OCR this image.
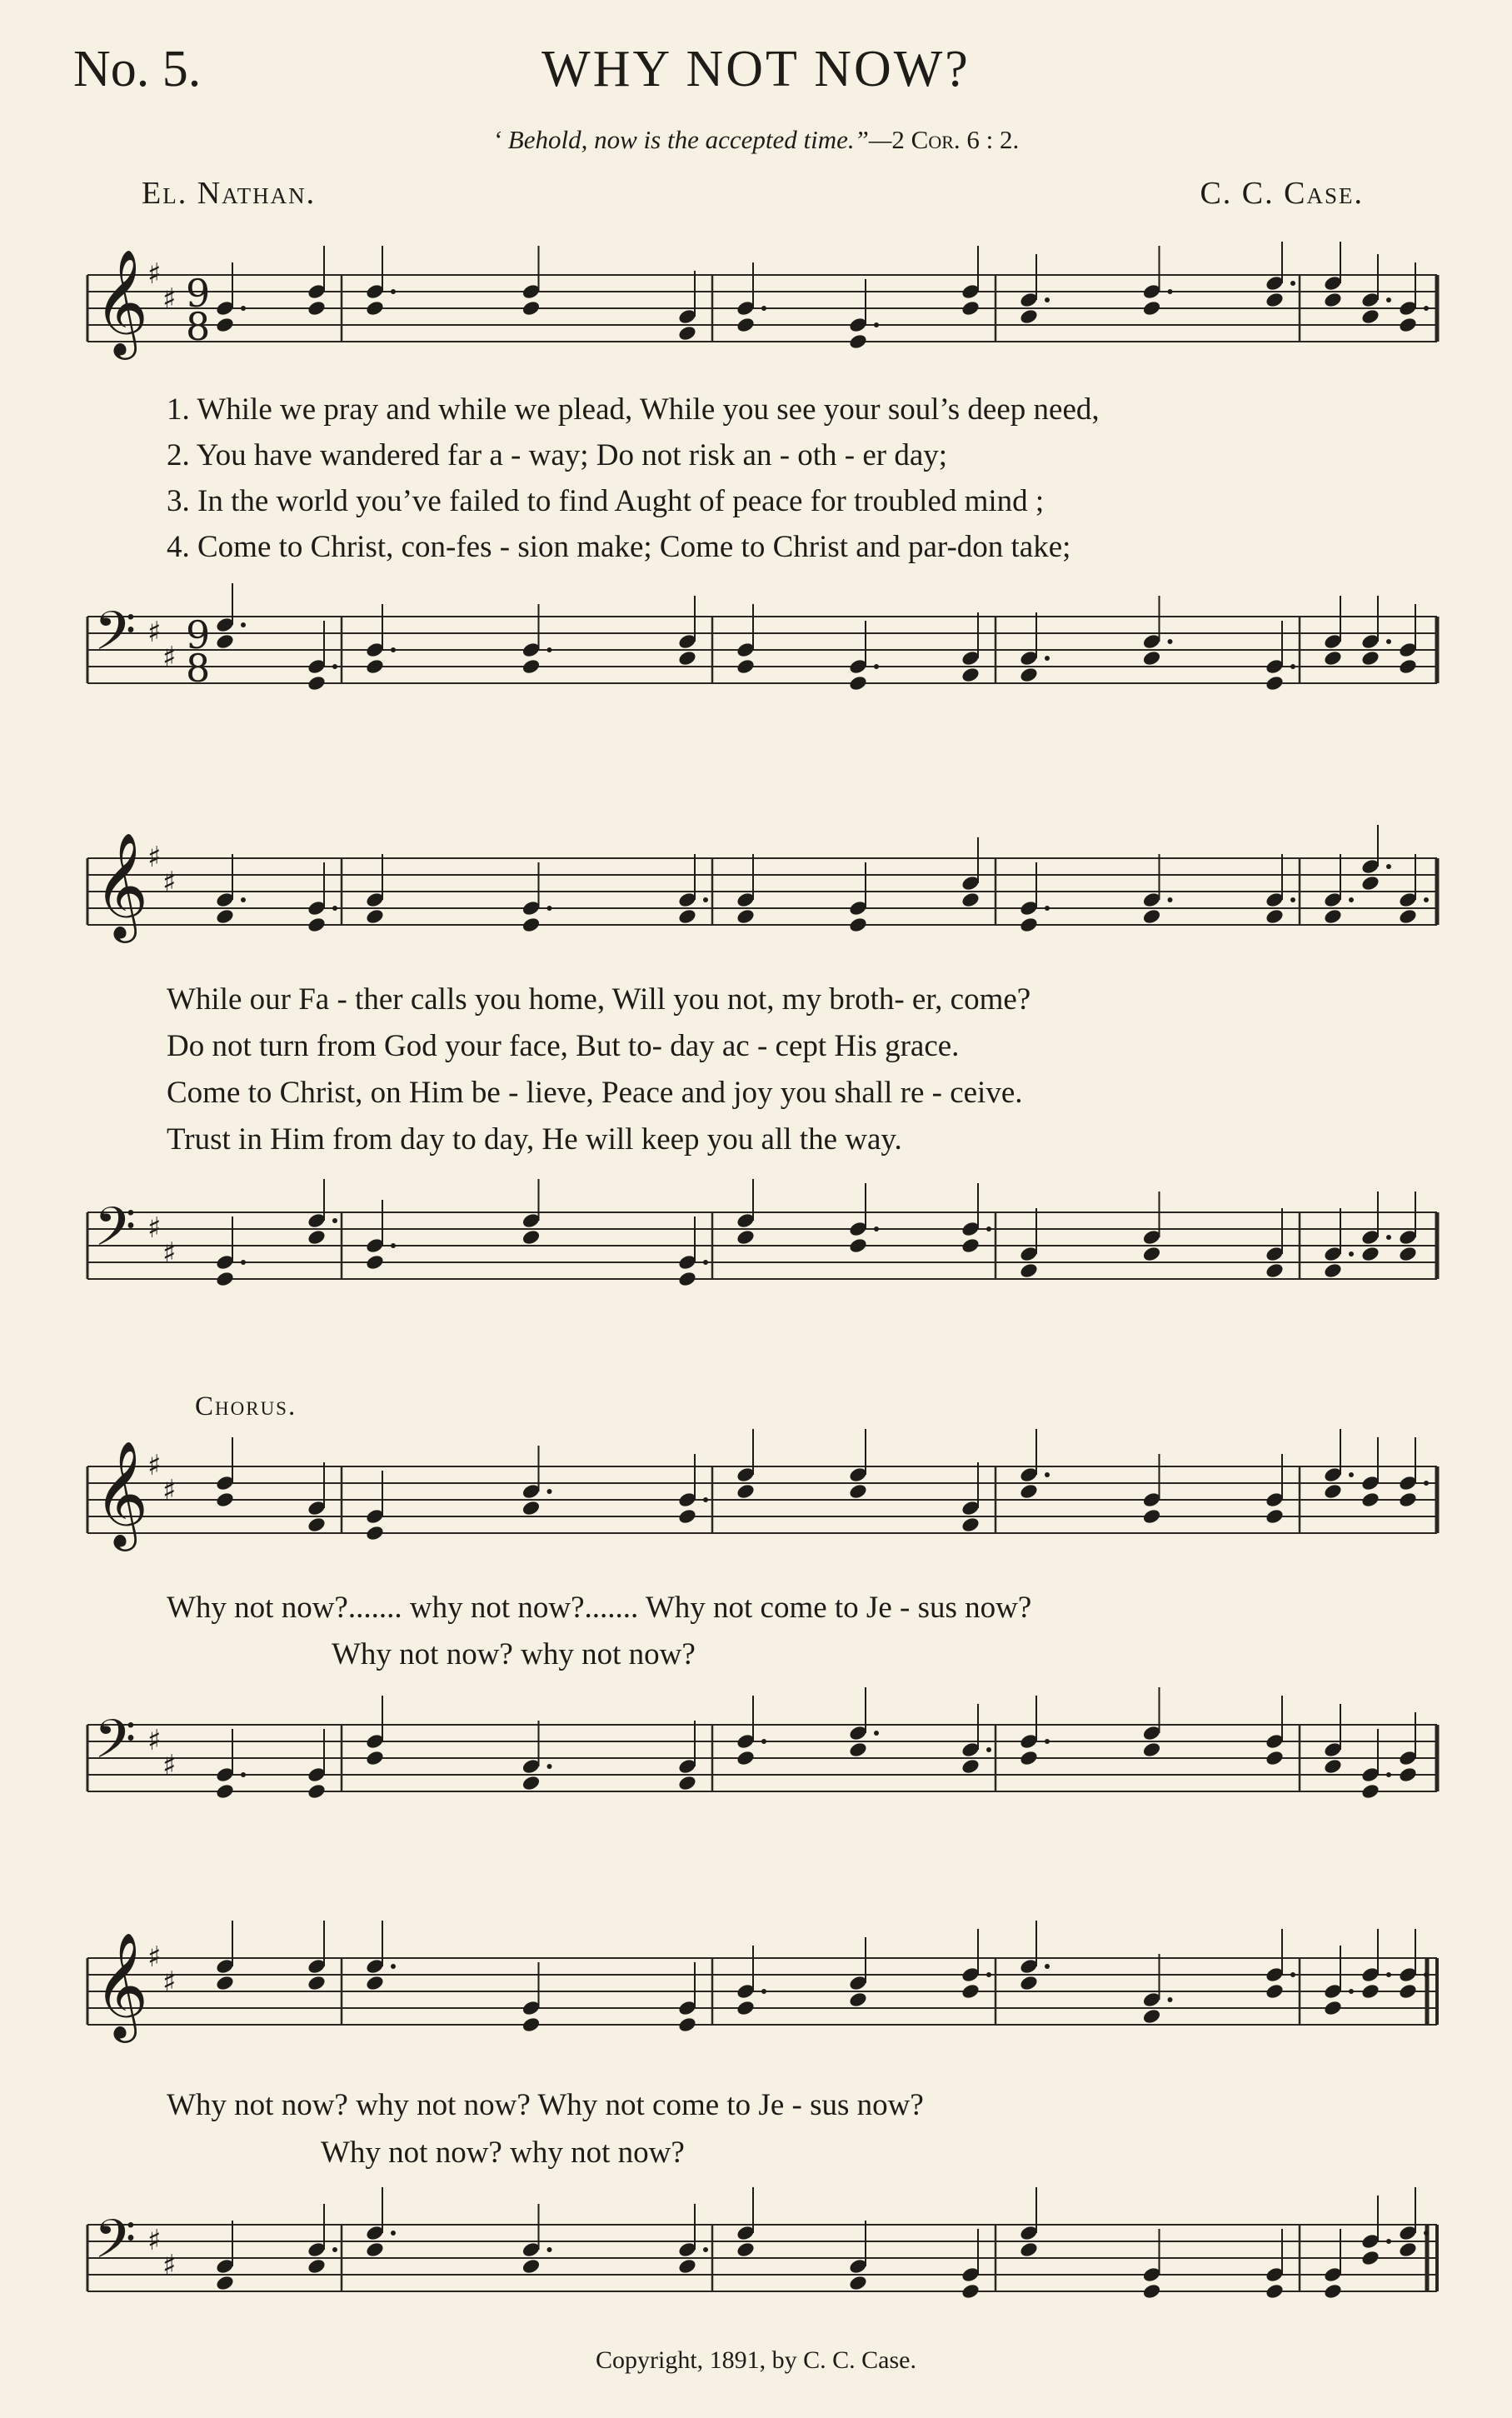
No. 5.	WHY NOT NOW?
‘ Behold, now is the accepted time.”—2 Cor. 6 : 2.
El. Nathan.	C. C. Case.
𝄞
♯
♯ 9
8
1. While we pray and while we plead, While you see your soul’s deep need,
2. You have wandered far a - way; Do not risk an - oth - er day;
3. In the world you’ve failed to find Aught of peace for troubled mind ;
4. Come to Christ, con-fes - sion make; Come to Christ and par-don take;
𝄢 ♯
♯ 9
8
𝄞
♯
♯
While our Fa - ther calls you home, Will you not, my broth- er, come?
Do not turn from God your face, But to- day ac - cept His grace.
Come to Christ, on Him be - lieve, Peace and joy you shall re - ceive.
Trust in Him from day to day, He will keep you all the way.
𝄢 ♯
♯
Chorus.
𝄞
♯
♯
Why not now?....... why not now?....... Why not come to Je - sus now?
Why not now? why not now?
𝄢 ♯
♯
𝄞
♯
♯
Why not now? why not now? Why not come to Je - sus now?
Why not now? why not now?
𝄢 ♯
♯
Copyright, 1891, by C. C. Case.
